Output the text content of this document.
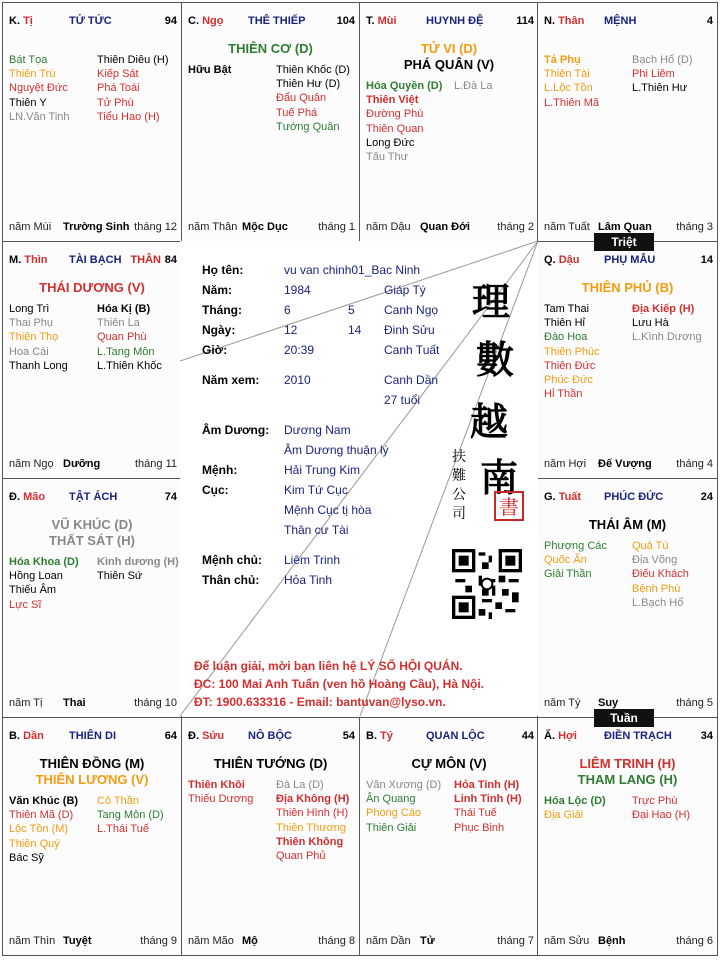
K. Tị	TỬ TỨC	94
Bát Tọa
Thiên Trù
Nguyệt Đức
Thiên Y
LN.Văn Tinh
Thiên Diêu (H)
Kiếp Sát
Phá Toái
Tử Phù
Tiểu Hao (H)
năm Mùi Trường Sinh tháng 12
C. Ngọ THÊ THIẾP	104
THIÊN CƠ (D)
Hữu Bật	Thiên Khốc (D)
Thiên Hư (D)
Đẩu Quân
Tuế Phá
Tướng Quân
năm Thân Mộc Dục	tháng 1
T. Mùi	HUYNH ĐỆ	114
TỬ VI (D)
PHÁ QUÂN (V)
Hóa Quyền (D)
Thiên Việt
Đường Phù
Thiên Quan
Long Đức
Tấu Thư
L.Đà La
năm Dậu Quan Đới tháng 2
N. Thân MỆNH	4
Tả Phụ
Thiên Tài
L.Lộc Tồn
L.Thiên Mã
Bạch Hổ (D)
Phi Liêm
L.Thiên Hư
năm Tuất Lâm Quan tháng 3
M. Thìn TÀI BẠCH THÂN 84
THÁI DƯƠNG (V)
Long Trì
Thai Phụ
Thiên Thọ
Hoa Cái
Thanh Long
Hóa Kị (B)
Thiên La
Quan Phù
L.Tang Môn
L.Thiên Khốc
năm Ngọ Dưỡng	tháng 11
Q. Dậu PHỤ MẪU	14
THIÊN PHỦ (B)
Tam Thai
Thiên Hỉ
Đào Hoa
Thiên Phúc
Thiên Đức
Phúc Đức
Hỉ Thần
Địa Kiếp (H)
Lưu Hà
L.Kình Dương
năm Hợi Đế Vượng tháng 4
Đ. Mão TẬT ÁCH	74
VŨ KHÚC (D)
THẤT SÁT (H)
Hóa Khoa (D)
Hồng Loan
Thiếu Âm
Lực Sĩ
Kình dương (H)
Thiên Sứ
năm Tị Thai	tháng 10
G. Tuất PHÚC ĐỨC	24
THÁI ÂM (M)
Phượng Các
Quốc Ấn
Giải Thần
Quả Tú
Địa Võng
Điếu Khách
Bệnh Phù
L.Bạch Hổ
năm Tý Suy	tháng 5
B. Dần THIÊN DI	64
THIÊN ĐỒNG (M)
THIÊN LƯƠNG (V)
Văn Khúc (B)
Thiên Mã (D)
Lộc Tồn (M)
Thiên Quý
Bác Sỹ
Cô Thần
Tang Môn (D)
L.Thái Tuế
năm Thìn Tuyệt	tháng 9
Đ. Sửu NÔ BỘC	54
THIÊN TƯỚNG (D)
Thiên Khôi
Thiếu Dương
Đà La (D)
Địa Không (H)
Thiên Hình (H)
Thiên Thương
Thiên Không
Quan Phủ
năm Mão Mộ	tháng 8
B. Tý	QUAN LỘC	44
CỰ MÔN (V)
Văn Xương (D)
Ân Quang
Phong Cáo
Thiên Giải
Hỏa Tinh (H)
Linh Tinh (H)
Thái Tuế
Phục Binh
năm Dần Tử	tháng 7
Ấ. Hợi ĐIỀN TRẠCH	34
LIÊM TRINH (H)
THAM LANG (H)
Hóa Lộc (D)
Địa Giải
Trực Phù
Đại Hao (H)
năm Sửu Bệnh	tháng 6
Họ tên:	vu van chinh01_Bac Ninh
Năm:	1984	Giáp Tý
Tháng:	6	5 Canh Ngọ
Ngày:	12	14 Đinh Sửu
Giờ:	20:39	Canh Tuất
Năm xem: 2010	Canh Dần
27 tuổi
Âm Dương: Dương Nam
Âm Dương thuận lý
Mệnh:	Hải Trung Kim
Cục:	Kim Tứ Cục
Mệnh Cục tị hòa
Thân cư Tài
Mệnh chủ: Liêm Trinh
Thân chủ: Hỏa Tinh
理
數
越
南
書
扶
難
公
司
Để luận giải, mời bạn liên hệ LÝ SỐ HỘI QUÁN.
ĐC: 100 Mai Anh Tuấn (ven hồ Hoàng Cầu), Hà Nội.
ĐT: 1900.633316 - Email: bantuvan@lyso.vn.
Triệt
Tuần
